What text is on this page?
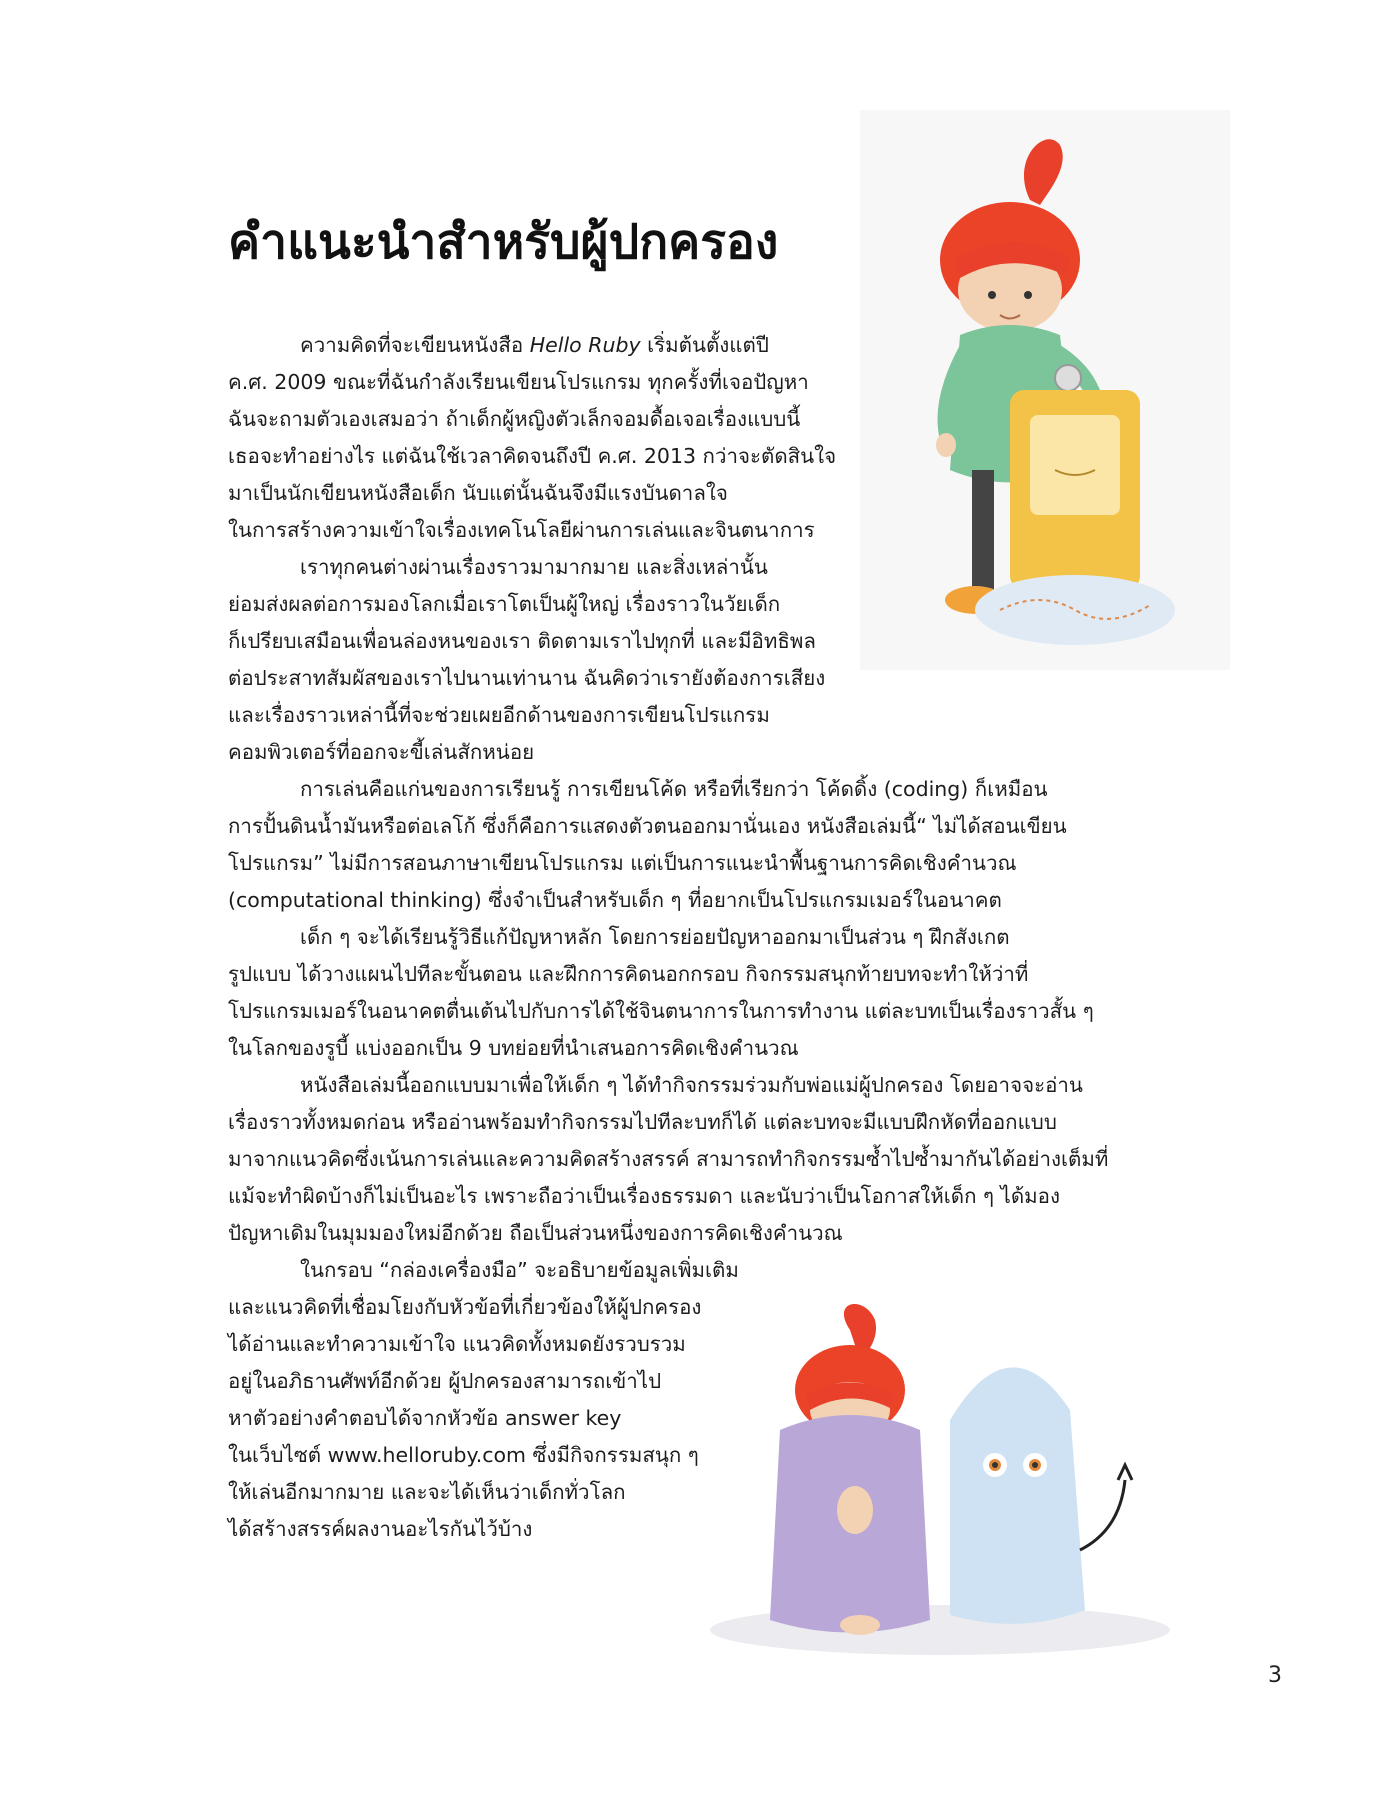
คำแนะนำสำหรับผู้ปกครอง
ความคิดที่จะเขียนหนังสือ Hello Ruby เริ่มต้นตั้งแต่ปี
ค.ศ. 2009 ขณะที่ฉันกำลังเรียนเขียนโปรแกรม ทุกครั้งที่เจอปัญหา
ฉันจะถามตัวเองเสมอว่า ถ้าเด็กผู้หญิงตัวเล็กจอมดื้อเจอเรื่องแบบนี้
เธอจะทำอย่างไร แต่ฉันใช้เวลาคิดจนถึงปี ค.ศ. 2013 กว่าจะตัดสินใจ
มาเป็นนักเขียนหนังสือเด็ก นับแต่นั้นฉันจึงมีแรงบันดาลใจ
ในการสร้างความเข้าใจเรื่องเทคโนโลยีผ่านการเล่นและจินตนาการ
เราทุกคนต่างผ่านเรื่องราวมามากมาย และสิ่งเหล่านั้น
ย่อมส่งผลต่อการมองโลกเมื่อเราโตเป็นผู้ใหญ่ เรื่องราวในวัยเด็ก
ก็เปรียบเสมือนเพื่อนล่องหนของเรา ติดตามเราไปทุกที่ และมีอิทธิพล
ต่อประสาทสัมผัสของเราไปนานเท่านาน ฉันคิดว่าเรายังต้องการเสียง
และเรื่องราวเหล่านี้ที่จะช่วยเผยอีกด้านของการเขียนโปรแกรม
คอมพิวเตอร์ที่ออกจะขี้เล่นสักหน่อย
การเล่นคือแก่นของการเรียนรู้ การเขียนโค้ด หรือที่เรียกว่า โค้ดดิ้ง (coding) ก็เหมือน
การปั้นดินน้ำมันหรือต่อเลโก้ ซึ่งก็คือการแสดงตัวตนออกมานั่นเอง หนังสือเล่มนี้“ ไม่ได้สอนเขียน
โปรแกรม” ไม่มีการสอนภาษาเขียนโปรแกรม แต่เป็นการแนะนำพื้นฐานการคิดเชิงคำนวณ
(computational thinking) ซึ่งจำเป็นสำหรับเด็ก ๆ ที่อยากเป็นโปรแกรมเมอร์ในอนาคต
เด็ก ๆ จะได้เรียนรู้วิธีแก้ปัญหาหลัก โดยการย่อยปัญหาออกมาเป็นส่วน ๆ ฝึกสังเกต
รูปแบบ ได้วางแผนไปทีละขั้นตอน และฝึกการคิดนอกกรอบ กิจกรรมสนุกท้ายบทจะทำให้ว่าที่
โปรแกรมเมอร์ในอนาคตตื่นเต้นไปกับการได้ใช้จินตนาการในการทำงาน แต่ละบทเป็นเรื่องราวสั้น ๆ
ในโลกของรูบี้ แบ่งออกเป็น 9 บทย่อยที่นำเสนอการคิดเชิงคำนวณ
หนังสือเล่มนี้ออกแบบมาเพื่อให้เด็ก ๆ ได้ทำกิจกรรมร่วมกับพ่อแม่ผู้ปกครอง โดยอาจจะอ่าน
เรื่องราวทั้งหมดก่อน หรืออ่านพร้อมทำกิจกรรมไปทีละบทก็ได้ แต่ละบทจะมีแบบฝึกหัดที่ออกแบบ
มาจากแนวคิดซึ่งเน้นการเล่นและความคิดสร้างสรรค์ สามารถทำกิจกรรมซ้ำไปซ้ำมากันได้อย่างเต็มที่
แม้จะทำผิดบ้างก็ไม่เป็นอะไร เพราะถือว่าเป็นเรื่องธรรมดา และนับว่าเป็นโอกาสให้เด็ก ๆ ได้มอง
ปัญหาเดิมในมุมมองใหม่อีกด้วย ถือเป็นส่วนหนึ่งของการคิดเชิงคำนวณ
ในกรอบ “กล่องเครื่องมือ” จะอธิบายข้อมูลเพิ่มเติม
และแนวคิดที่เชื่อมโยงกับหัวข้อที่เกี่ยวข้องให้ผู้ปกครอง
ได้อ่านและทำความเข้าใจ แนวคิดทั้งหมดยังรวบรวม
อยู่ในอภิธานศัพท์อีกด้วย ผู้ปกครองสามารถเข้าไป
หาตัวอย่างคำตอบได้จากหัวข้อ answer key
ในเว็บไซต์ www.helloruby.com ซึ่งมีกิจกรรมสนุก ๆ
ให้เล่นอีกมากมาย และจะได้เห็นว่าเด็กทั่วโลก
ได้สร้างสรรค์ผลงานอะไรกันไว้บ้าง
3
